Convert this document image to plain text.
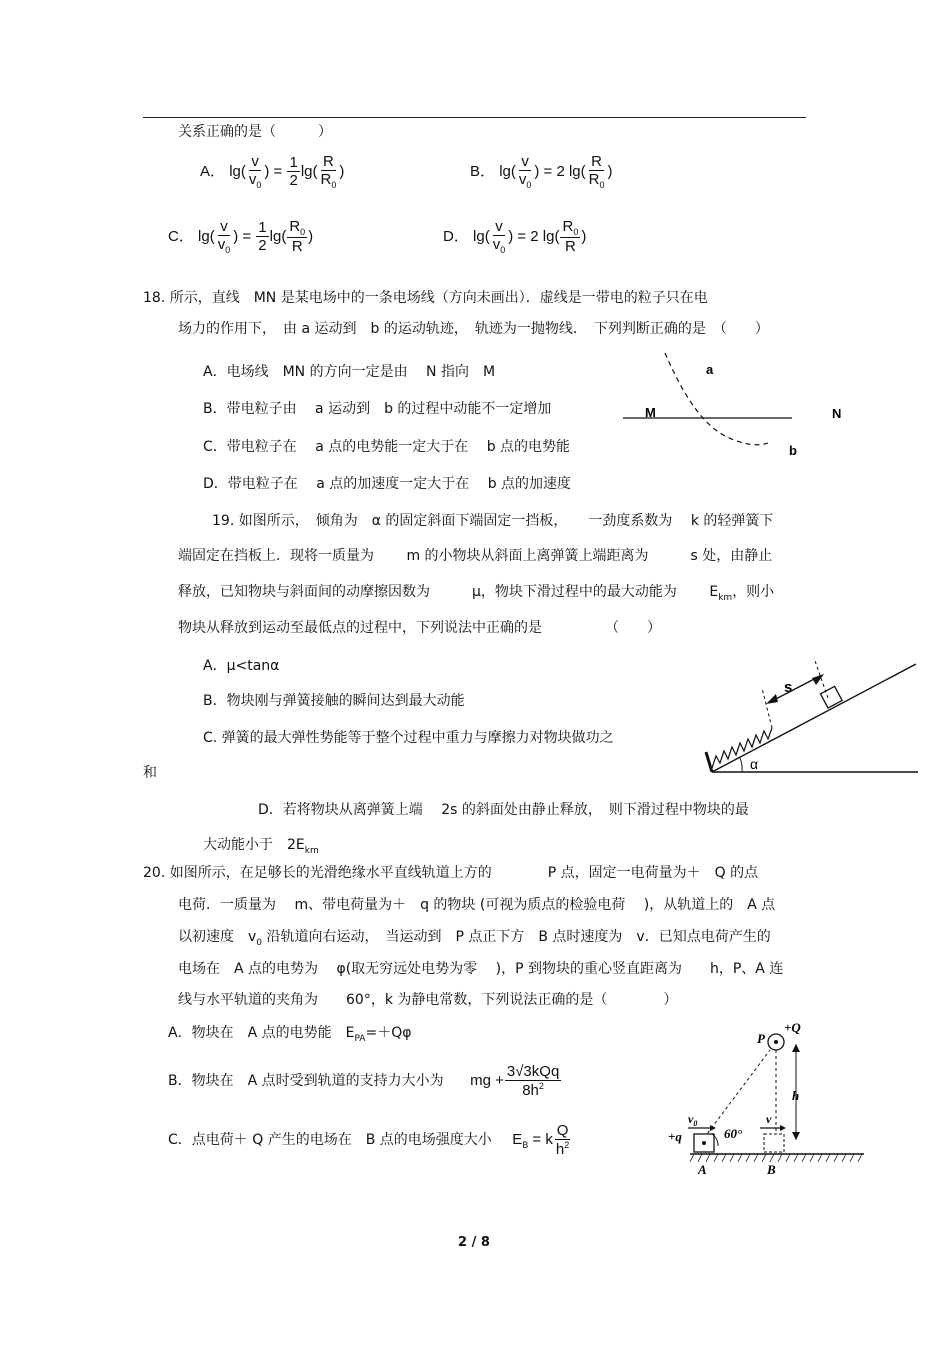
关系正确的是（　　　）
A． $\lg( \frac{v}{v_0}$ ) = $\frac{1}{2} \lg( \frac{R}{R_0}$ )	B． $\lg( \frac{v}{v_0}$ ) = 2 $\lg( \frac{R}{R_0}$ )
C． $\lg( \frac{v}{v_0}$ ) = $\frac{1}{2} \lg( \frac{R_0}{R}$ )	D． $\lg( \frac{v}{v_0}$ ) = 2 $\lg( \frac{R_0}{R}$ )
18. 所示，直线　MN 是某电场中的一条电场线（方向未画出）．虚线是一带电的粒子只在电
场力的作用下，　由 a 运动到　b 的运动轨迹，　轨迹为一抛物线．　下列判断正确的是　（　　）
A．电场线　MN 的方向一定是由　 N 指向　M
B．带电粒子由　 a 运动到　b 的过程中动能不一定增加
C．带电粒子在　 a 点的电势能一定大于在　 b 点的电势能
D．带电粒子在　 a 点的加速度一定大于在　 b 点的加速度
a
M	N
b
19. 如图所示，　倾角为　α 的固定斜面下端固定一挡板，　　一劲度系数为　 k 的轻弹簧下
端固定在挡板上．现将一质量为　　 m 的小物块从斜面上离弹簧上端距离为　　　s 处，由静止
释放，已知物块与斜面间的动摩擦因数为　　　μ，物块下滑过程中的最大动能为　　 $E_{km}$，则小
物块从释放到运动至最低点的过程中，下列说法中正确的是　　　　　（　　）
A．μ<tanα
B．物块刚与弹簧接触的瞬间达到最大动能
C. 弹簧的最大弹性势能等于整个过程中重力与摩擦力对物块做功之
和
D．若将物块从离弹簧上端　 2s 的斜面处由静止释放，　则下滑过程中物块的最
大动能小于　$2E_{km}$
s
α
20. 如图所示，在足够长的光滑绝缘水平直线轨道上方的　　　　P 点，固定一电荷量为＋　Q 的点
电荷．一质量为　 m、带电荷量为＋　q 的物块 (可视为质点的检验电荷　 )，从轨道上的　A 点
以初速度　$v_0$ 沿轨道向右运动，　当运动到　P 点正下方　B 点时速度为　v．已知点电荷产生的
电场在　A 点的电势为　 φ(取无穷远处电势为零　 )，P 到物块的重心竖直距离为　　h，P、A 连
线与水平轨道的夹角为　　60°，k 为静电常数，下列说法正确的是（　　　　）
A．物块在　A 点的电势能　$E_{PA}=+Q\varphi$
B．物块在　A 点时受到轨道的支持力大小为 mg + $\frac{\text{3√3kQq}}{8h^2}$
C．点电荷＋ Q 产生的电场在　B 点的电场强度大小 $E_B = k \frac{Q}{h^2}$
P
+Q
h
$v_0$	v
+q	60°
A	B
2 / 8
